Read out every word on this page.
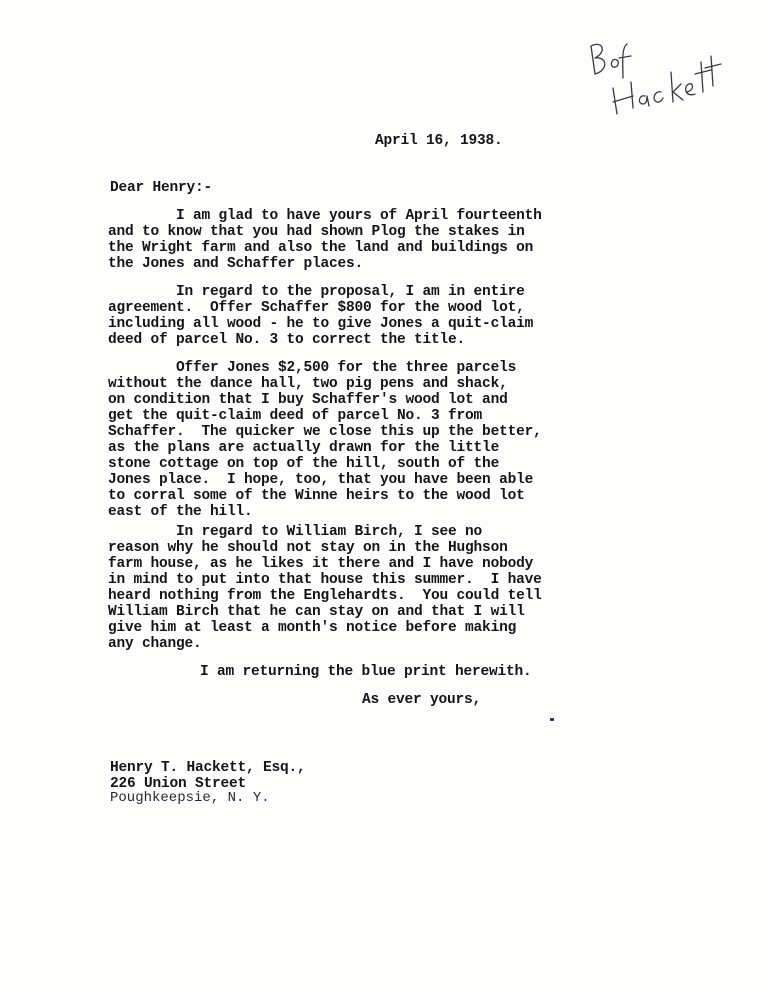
April 16, 1938.
Dear Henry:-
I am glad to have yours of April fourteenth
and to know that you had shown Plog the stakes in
the Wright farm and also the land and buildings on
the Jones and Schaffer places.
In regard to the proposal, I am in entire
agreement.  Offer Schaffer $800 for the wood lot,
including all wood - he to give Jones a quit-claim
deed of parcel No. 3 to correct the title.
Offer Jones $2,500 for the three parcels
without the dance hall, two pig pens and shack,
on condition that I buy Schaffer's wood lot and
get the quit-claim deed of parcel No. 3 from
Schaffer.  The quicker we close this up the better,
as the plans are actually drawn for the little
stone cottage on top of the hill, south of the
Jones place.  I hope, too, that you have been able
to corral some of the Winne heirs to the wood lot
east of the hill.
In regard to William Birch, I see no
reason why he should not stay on in the Hughson
farm house, as he likes it there and I have nobody
in mind to put into that house this summer.  I have
heard nothing from the Englehardts.  You could tell
William Birch that he can stay on and that I will
give him at least a month's notice before making
any change.
I am returning the blue print herewith.
As ever yours,
Henry T. Hackett, Esq.,
226 Union Street
Poughkeepsie, N. Y.
